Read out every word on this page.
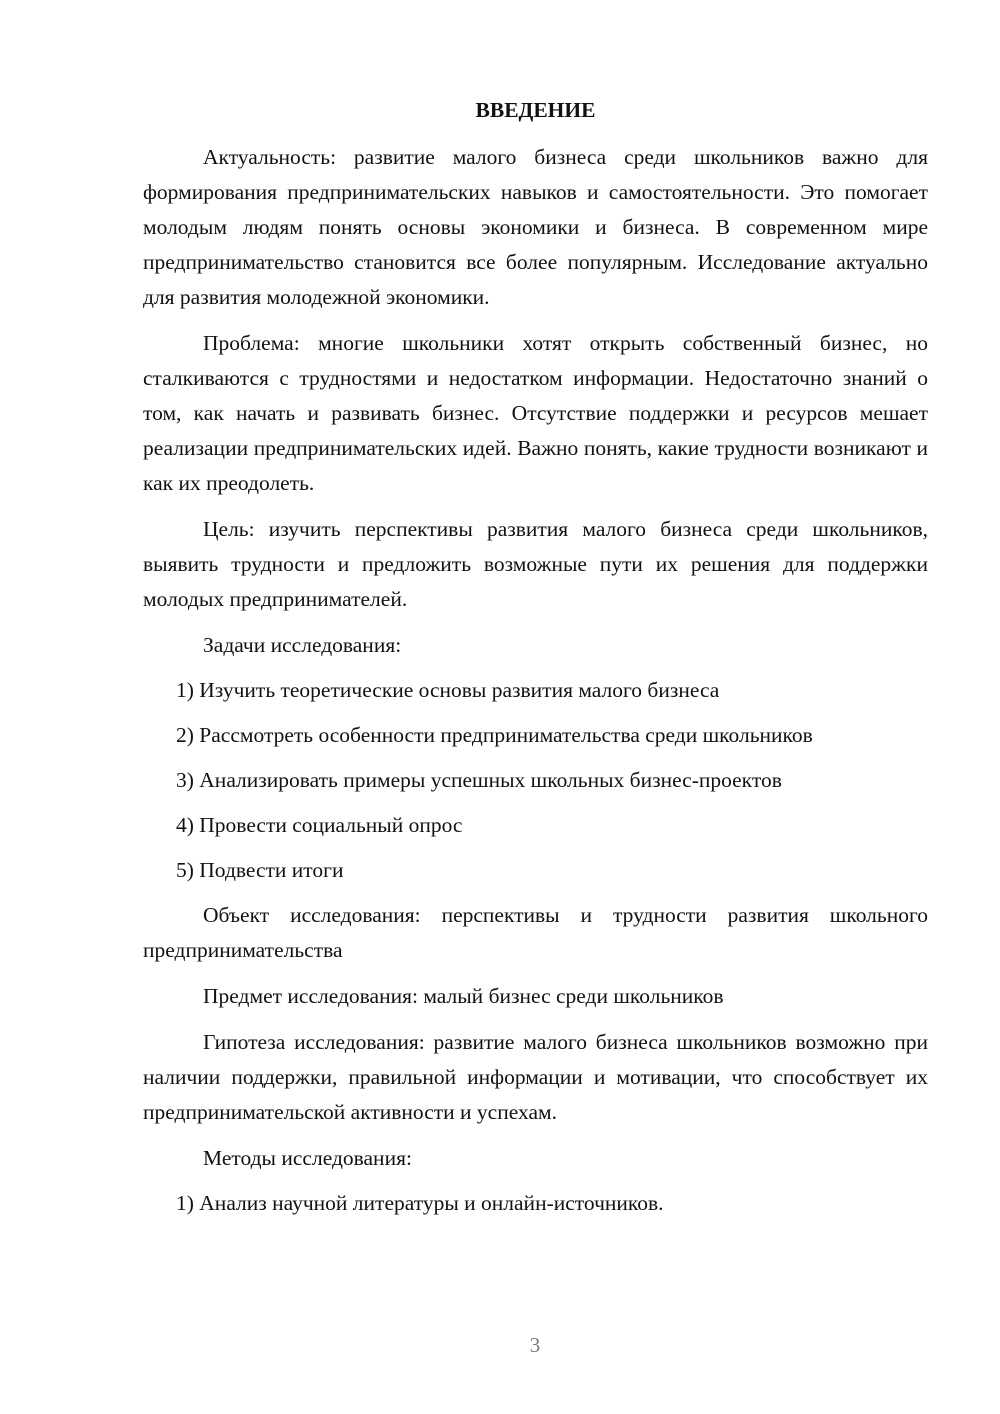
ВВЕДЕНИЕ

Актуальность: развитие малого бизнеса среди школьников важно для формирования предпринимательских навыков и самостоятельности. Это помогает молодым людям понять основы экономики и бизнеса. В современном мире предпринимательство становится все более популярным. Исследование актуально для развития молодежной экономики.

Проблема: многие школьники хотят открыть собственный бизнес, но сталкиваются с трудностями и недостатком информации. Недостаточно знаний о том, как начать и развивать бизнес. Отсутствие поддержки и ресурсов мешает реализации предпринимательских идей. Важно понять, какие трудности возникают и как их преодолеть.

Цель: изучить перспективы развития малого бизнеса среди школьников, выявить трудности и предложить возможные пути их решения для поддержки молодых предпринимателей.

Задачи исследования:
1) Изучить теоретические основы развития малого бизнеса
2) Рассмотреть особенности предпринимательства среди школьников
3) Анализировать примеры успешных школьных бизнес-проектов
4) Провести социальный опрос
5) Подвести итоги

Объект исследования: перспективы и трудности развития школьного предпринимательства

Предмет исследования: малый бизнес среди школьников

Гипотеза исследования: развитие малого бизнеса школьников возможно при наличии поддержки, правильной информации и мотивации, что способствует их предпринимательской активности и успехам.

Методы исследования:
1) Анализ научной литературы и онлайн-источников.
3
